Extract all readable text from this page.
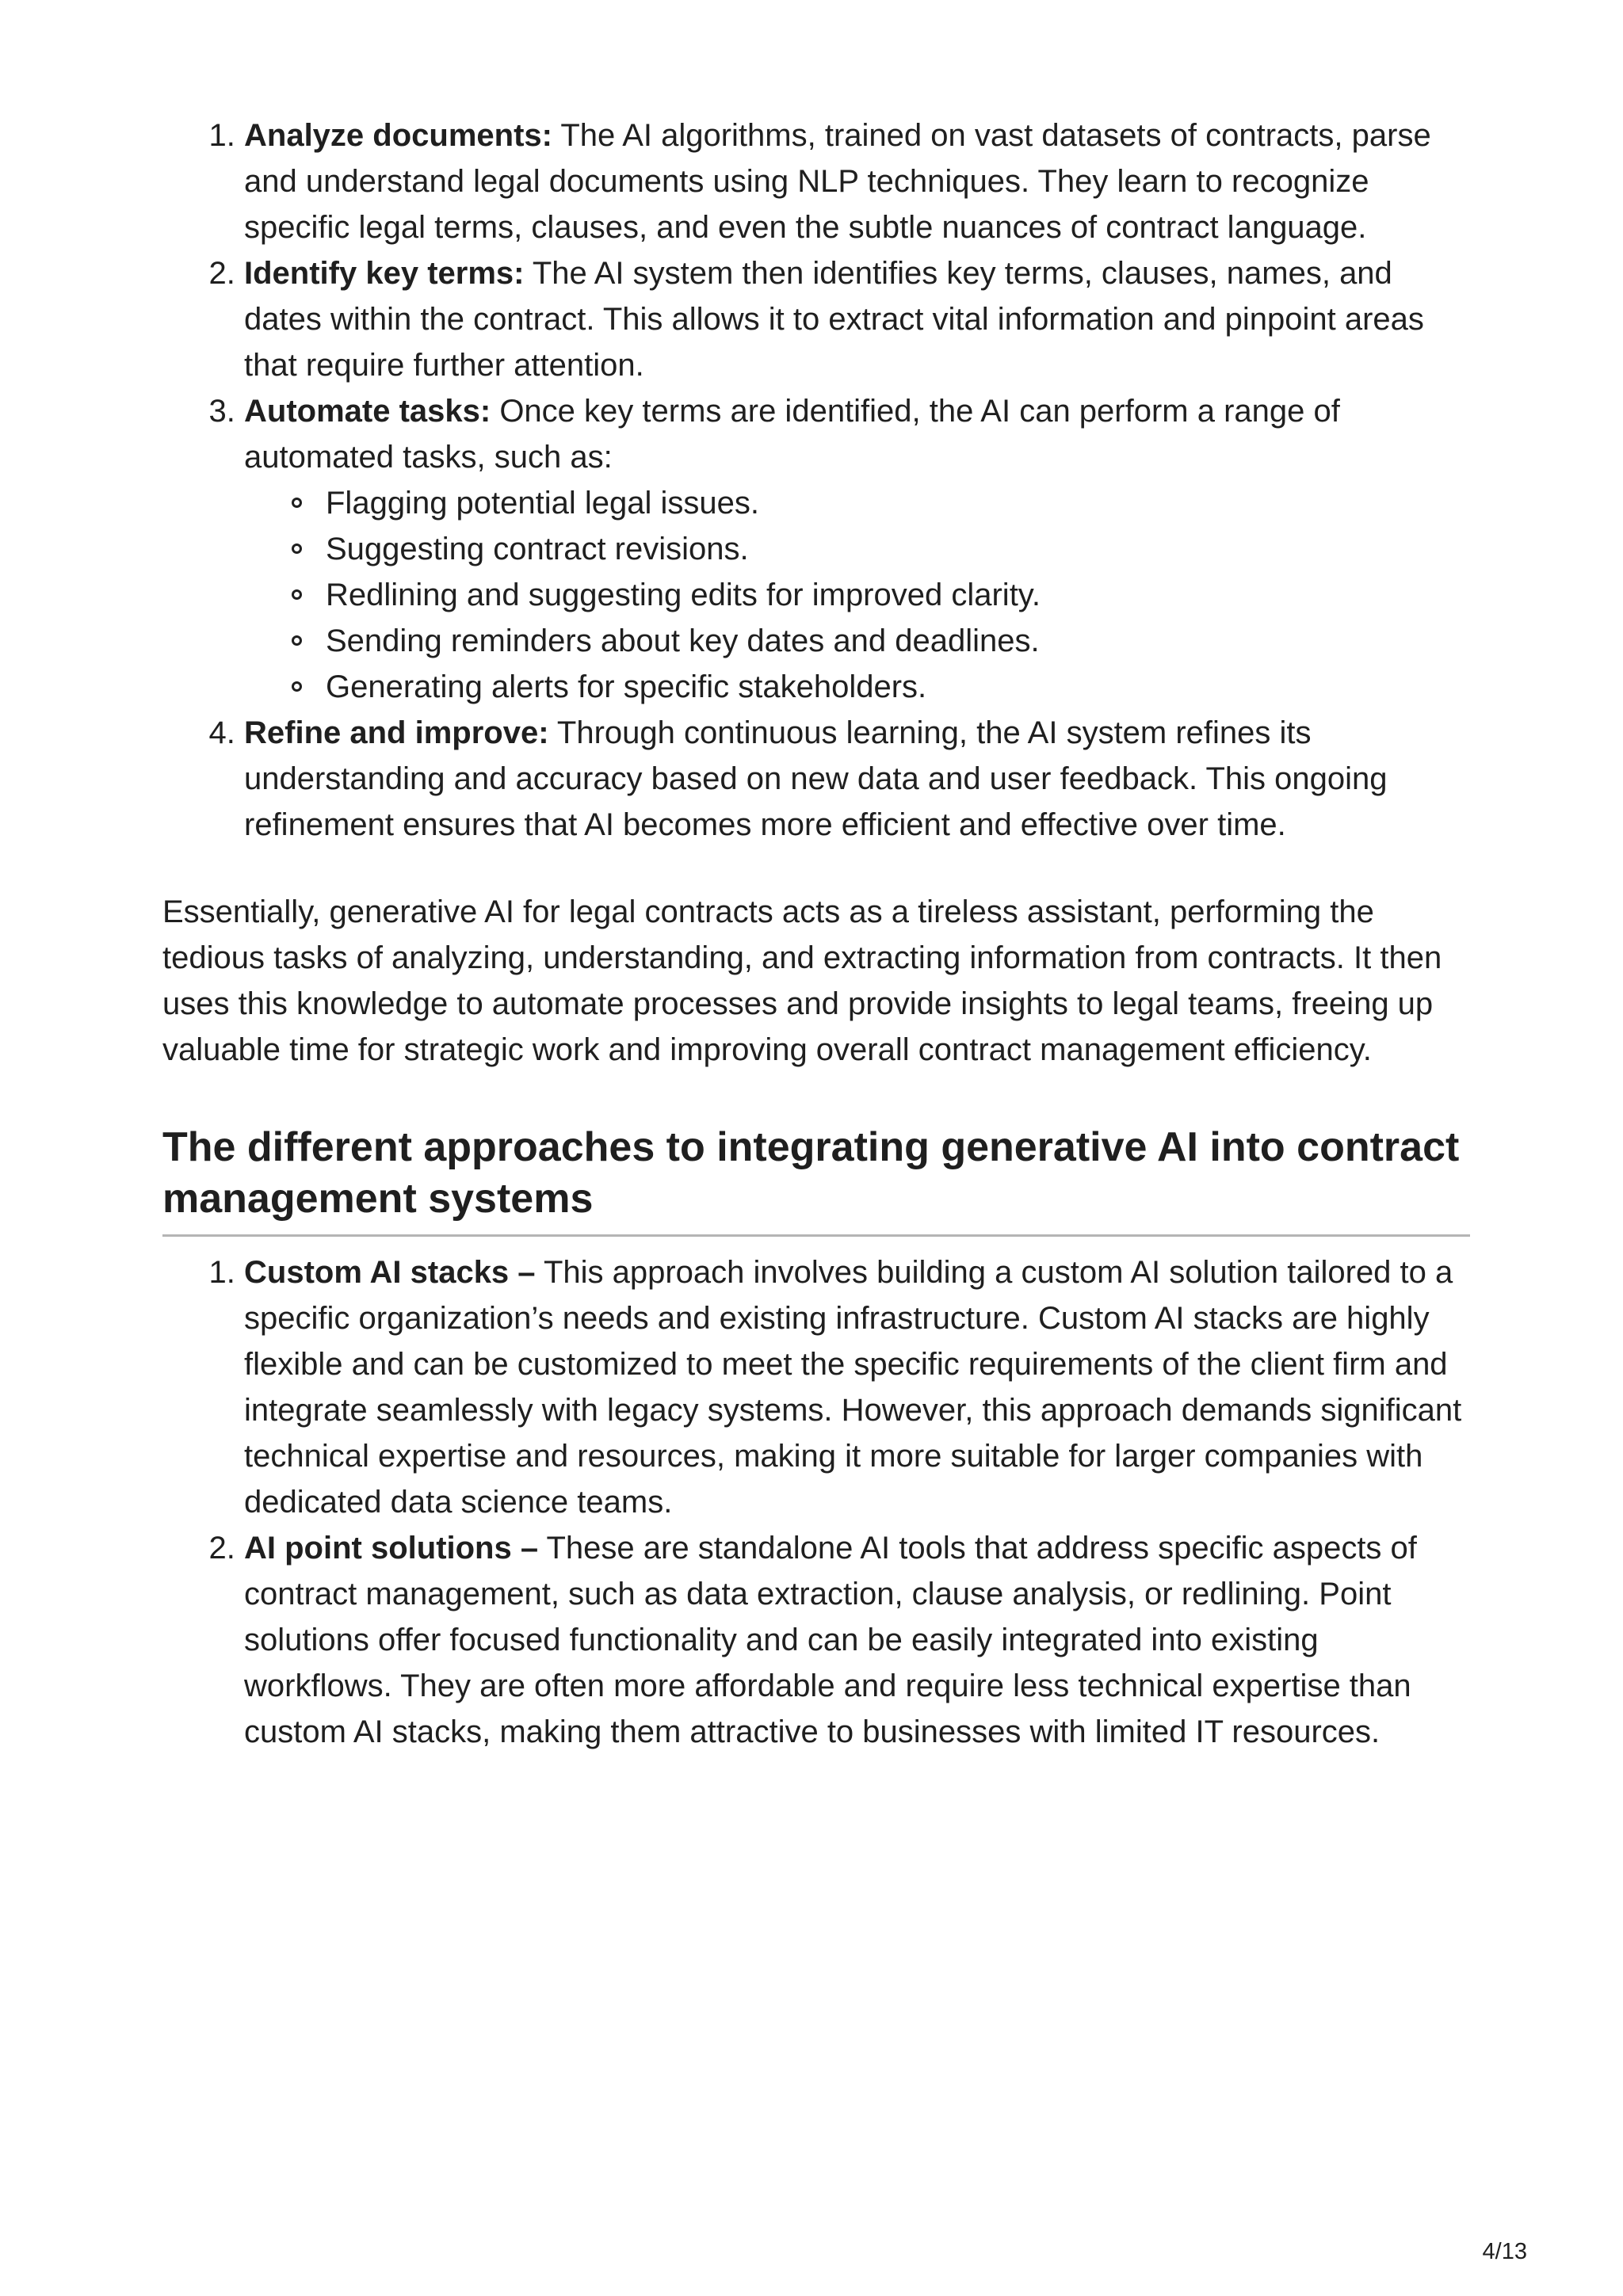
1. Analyze documents: The AI algorithms, trained on vast datasets of contracts, parse and understand legal documents using NLP techniques. They learn to recognize specific legal terms, clauses, and even the subtle nuances of contract language.
2. Identify key terms: The AI system then identifies key terms, clauses, names, and dates within the contract. This allows it to extract vital information and pinpoint areas that require further attention.
3. Automate tasks: Once key terms are identified, the AI can perform a range of automated tasks, such as:
Flagging potential legal issues.
Suggesting contract revisions.
Redlining and suggesting edits for improved clarity.
Sending reminders about key dates and deadlines.
Generating alerts for specific stakeholders.
4. Refine and improve: Through continuous learning, the AI system refines its understanding and accuracy based on new data and user feedback. This ongoing refinement ensures that AI becomes more efficient and effective over time.

Essentially, generative AI for legal contracts acts as a tireless assistant, performing the tedious tasks of analyzing, understanding, and extracting information from contracts. It then uses this knowledge to automate processes and provide insights to legal teams, freeing up valuable time for strategic work and improving overall contract management efficiency.

The different approaches to integrating generative AI into contract management systems
1. Custom AI stacks – This approach involves building a custom AI solution tailored to a specific organization’s needs and existing infrastructure. Custom AI stacks are highly flexible and can be customized to meet the specific requirements of the client firm and integrate seamlessly with legacy systems. However, this approach demands significant technical expertise and resources, making it more suitable for larger companies with dedicated data science teams.
2. AI point solutions – These are standalone AI tools that address specific aspects of contract management, such as data extraction, clause analysis, or redlining. Point solutions offer focused functionality and can be easily integrated into existing workflows. They are often more affordable and require less technical expertise than custom AI stacks, making them attractive to businesses with limited IT resources.
4/13
